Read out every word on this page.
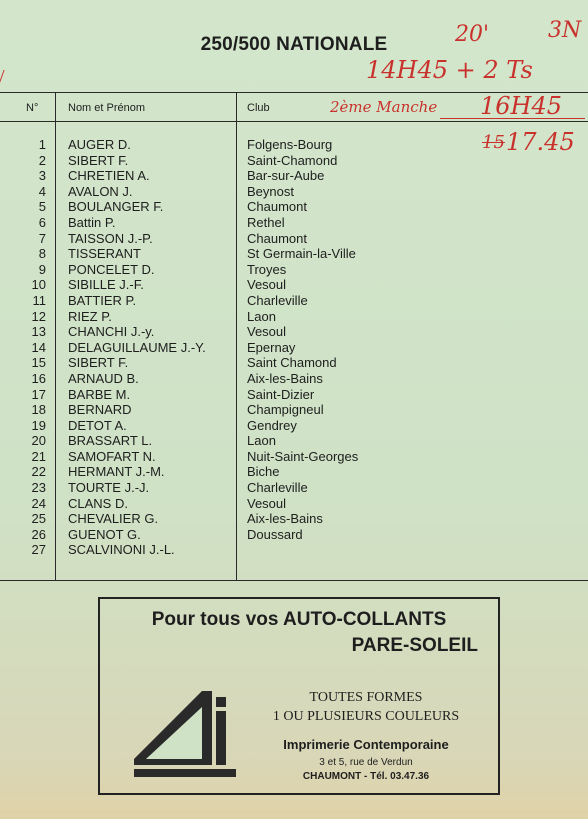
250/500 NATIONALE	20'	3N
14H45 + 2 Ts
2ème Manche 16H45
15 17.45
N°	Nom et Prénom	Club
1 AUGER D.	Folgens-Bourg
2 SIBERT F.	Saint-Chamond
3 CHRETIEN A.	Bar-sur-Aube
4 AVALON J.	Beynost
5 BOULANGER F.	Chaumont
6 Battin P.	Rethel
7 TAISSON J.-P.	Chaumont
8 TISSERANT	St Germain-la-Ville
9 PONCELET D.	Troyes
10 SIBILLE J.-F.	Vesoul
11 BATTIER P.	Charleville
12 RIEZ P.	Laon
13 CHANCHI J.-y.	Vesoul
14 DELAGUILLAUME J.-Y.	Epernay
15 SIBERT F.	Saint Chamond
16 ARNAUD B.	Aix-les-Bains
17 BARBE M.	Saint-Dizier
18 BERNARD	Champigneul
19 DETOT A.	Gendrey
20 BRASSART L.	Laon
21 SAMOFART N.	Nuit-Saint-Georges
22 HERMANT J.-M.	Biche
23 TOURTE J.-J.	Charleville
24 CLANS D.	Vesoul
25 CHEVALIER G.	Aix-les-Bains
26 GUENOT G.	Doussard
27 SCALVINONI J.-L.
Pour tous vos AUTO-COLLANTS
PARE-SOLEIL
TOUTES FORMES
1 OU PLUSIEURS COULEURS
Imprimerie Contemporaine
3 et 5, rue de Verdun
CHAUMONT - Tél. 03.47.36
